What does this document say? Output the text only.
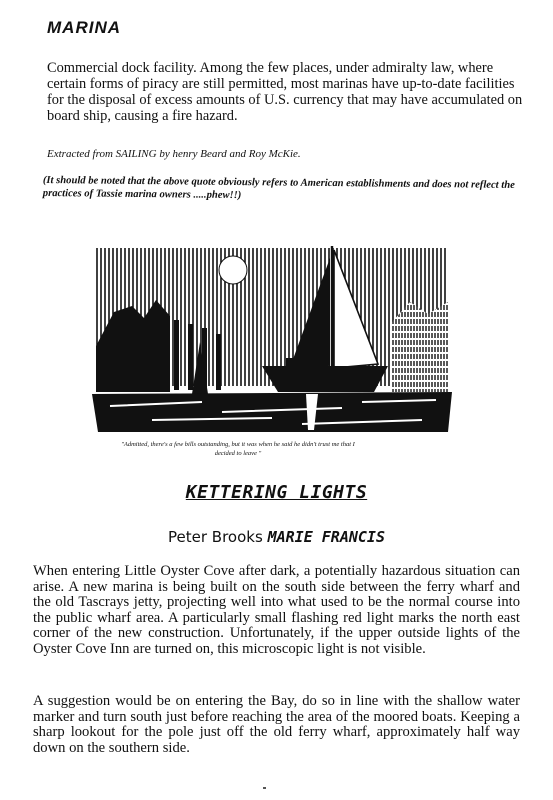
MARINA

Commercial dock facility. Among the few places, under admiralty law, where certain forms of piracy are still permitted, most marinas have up-to-date facilities for the disposal of excess amounts of U.S. currency that may have accumulated on board ship, causing a fire hazard.

Extracted from SAILING by henry Beard and Roy McKie.

(It should be noted that the above quote obviously refers to American establishments and does not reflect the practices of Tassie marina owners .....phew!!)

"Admitted, there's a few bills outstanding, but it was when he said he didn't trust me that I decided to leave "

KETTERING LIGHTS

Peter Brooks MARIE FRANCIS

When entering Little Oyster Cove after dark, a potentially hazardous situation can arise. A new marina is being built on the south side between the ferry wharf and the old Tascrays jetty, projecting well into what used to be the normal course into the public wharf area. A particularly small flashing red light marks the north east corner of the new construction. Unfortunately, if the upper outside lights of the Oyster Cove Inn are turned on, this microscopic light is not visible.

A suggestion would be on entering the Bay, do so in line with the shallow water marker and turn south just before reaching the area of the moored boats. Keeping a sharp lookout for the pole just off the old ferry wharf, approximately half way down on the southern side.
